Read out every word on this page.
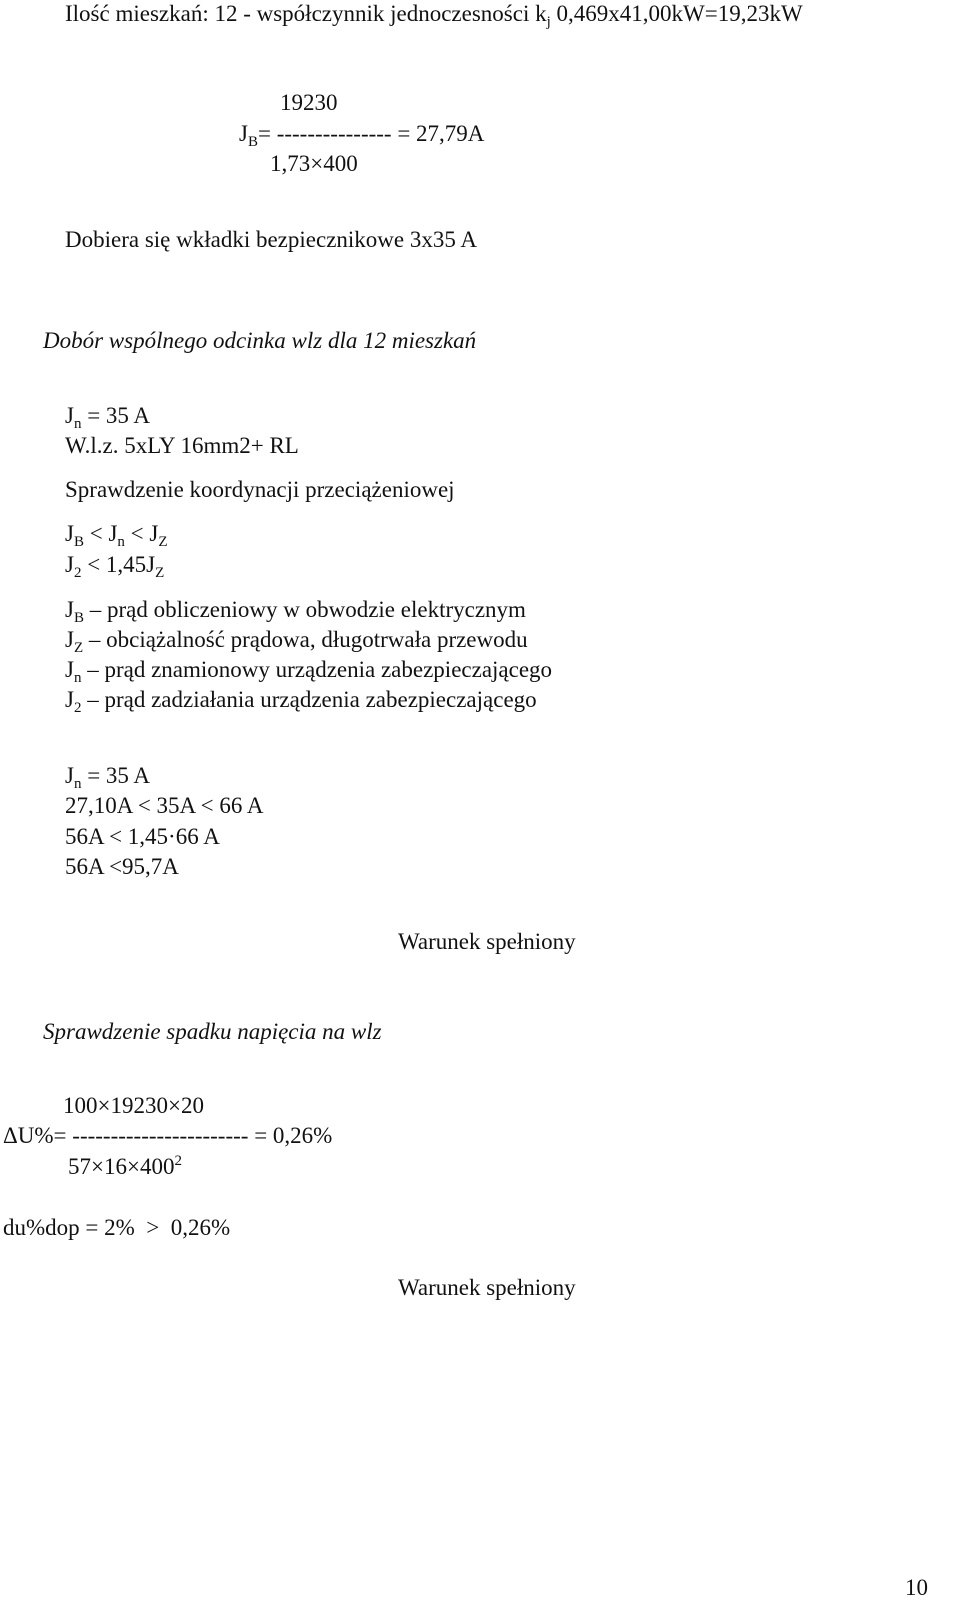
Ilość mieszkań: 12 - współczynnik jednoczesności $k_j$ 0,469x41,00kW=19,23kW
19230
$J_B=$ --------------- = 27,79A
1,73×400
Dobiera się wkładki bezpiecznikowe 3x35 A
Dobór wspólnego odcinka wlz dla 12 mieszkań
$J_n = 35$ A
W.l.z. 5xLY 16mm2+ RL
Sprawdzenie koordynacji przeciążeniowej
$J_B < J_n < J_Z$
$J_2 < 1,45J_Z$
$J_B$ – prąd obliczeniowy w obwodzie elektrycznym
$J_Z$ – obciążalność prądowa, długotrwała przewodu
$J_n$ – prąd znamionowy urządzenia zabezpieczającego
$J_2$ – prąd zadziałania urządzenia zabezpieczającego
$J_n = 35$ A
27,10A < 35A < 66 A
56A < 1,45·66 A
56A <95,7A
Warunek spełniony
Sprawdzenie spadku napięcia na wlz
100×19230×20
ΔU%= ----------------------- = 0,26%
$57\times 16\times 400^2$
du%dop = 2%  >  0,26%
Warunek spełniony
10
